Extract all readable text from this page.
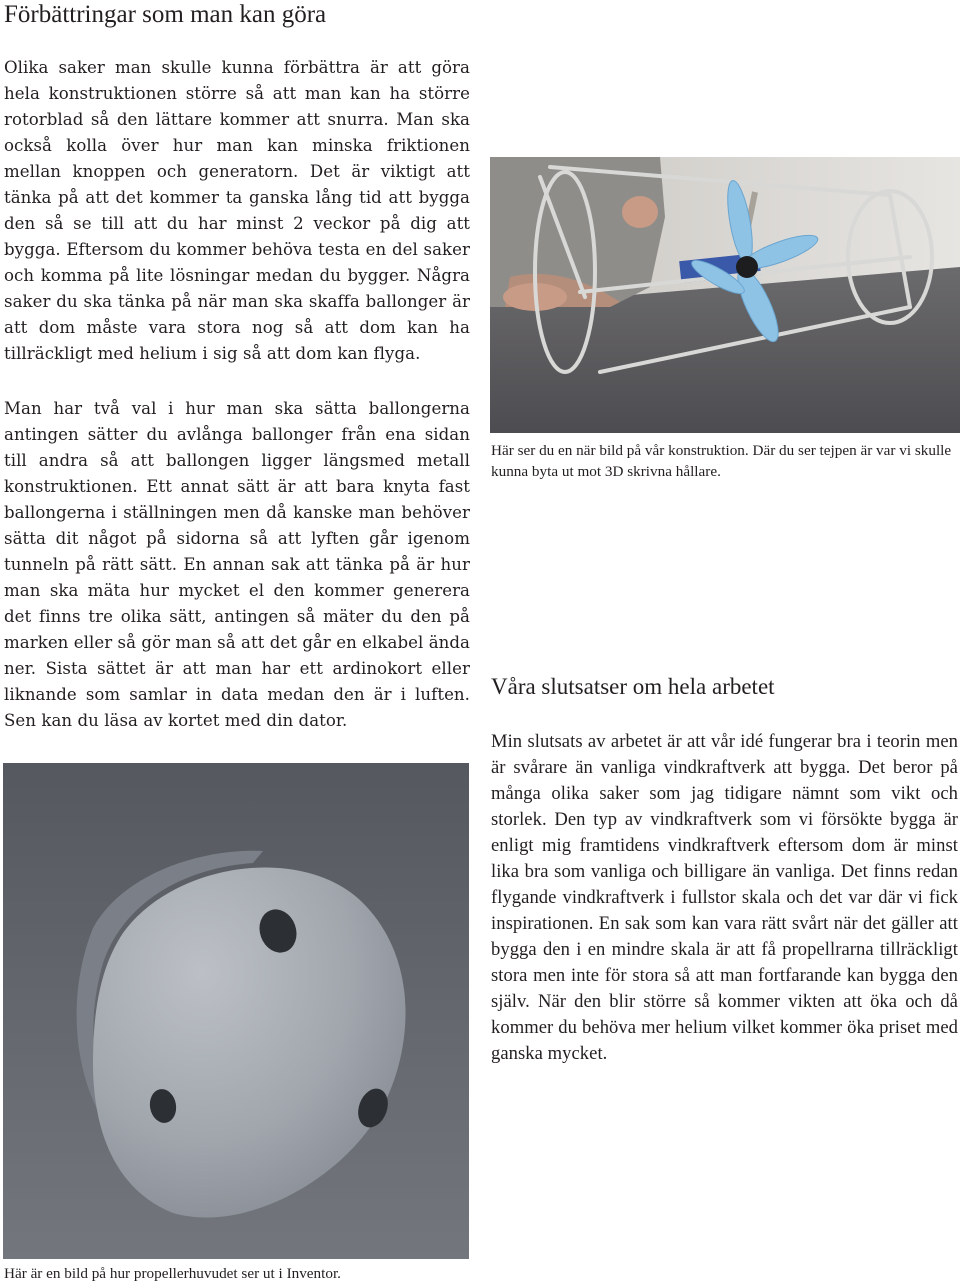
Förbättringar som man kan göra

Olika saker man skulle kunna förbättra är att göra hela konstruktionen större så att man kan ha större rotorblad så den lättare kommer att snurra. Man ska också kolla över hur man kan minska friktionen mellan knoppen och generatorn. Det är viktigt att tänka på att det kommer ta ganska lång tid att bygga den så se till att du har minst 2 veckor på dig att bygga. Eftersom du kommer behöva testa en del saker och komma på lite lösningar medan du bygger. Några saker du ska tänka på när man ska skaffa ballonger är att dom måste vara stora nog så att dom kan ha tillräckligt med helium i sig så att dom kan flyga.

Man har två val i hur man ska sätta ballongerna antingen sätter du avlånga ballonger från ena sidan till andra så att ballongen ligger längsmed metall konstruktionen. Ett annat sätt är att bara knyta fast ballongerna i ställningen men då kanske man behöver sätta dit något på sidorna så att lyften går igenom tunneln på rätt sätt. En annan sak att tänka på är hur man ska mäta hur mycket el den kommer generera det finns tre olika sätt, antingen så mäter du den på marken eller så gör man så att det går en elkabel ända ner. Sista sättet är att man har ett ardinokort eller liknande som samlar in data medan den är i luften. Sen kan du läsa av kortet med din dator.

Här ser du en när bild på vår konstruktion. Där du ser tejpen är var vi skulle kunna byta ut mot 3D skrivna hållare.

Våra slutsatser om hela arbetet

Min slutsats av arbetet är att vår idé fungerar bra i teorin men är svårare än vanliga vindkraftverk att bygga. Det beror på många olika saker som jag tidigare nämnt som vikt och storlek. Den typ av vindkraftverk som vi försökte bygga är enligt mig framtidens vindkraftverk eftersom dom är minst lika bra som vanliga och billigare än vanliga. Det finns redan flygande vindkraftverk i fullstor skala och det var där vi fick inspirationen. En sak som kan vara rätt svårt när det gäller att bygga den i en mindre skala är att få propellrarna tillräckligt stora men inte för stora så att man fortfarande kan bygga den själv. När den blir större så kommer vikten att öka och då kommer du behöva mer helium vilket kommer öka priset med ganska mycket.

Här är en bild på hur propellerhuvudet ser ut i Inventor.
